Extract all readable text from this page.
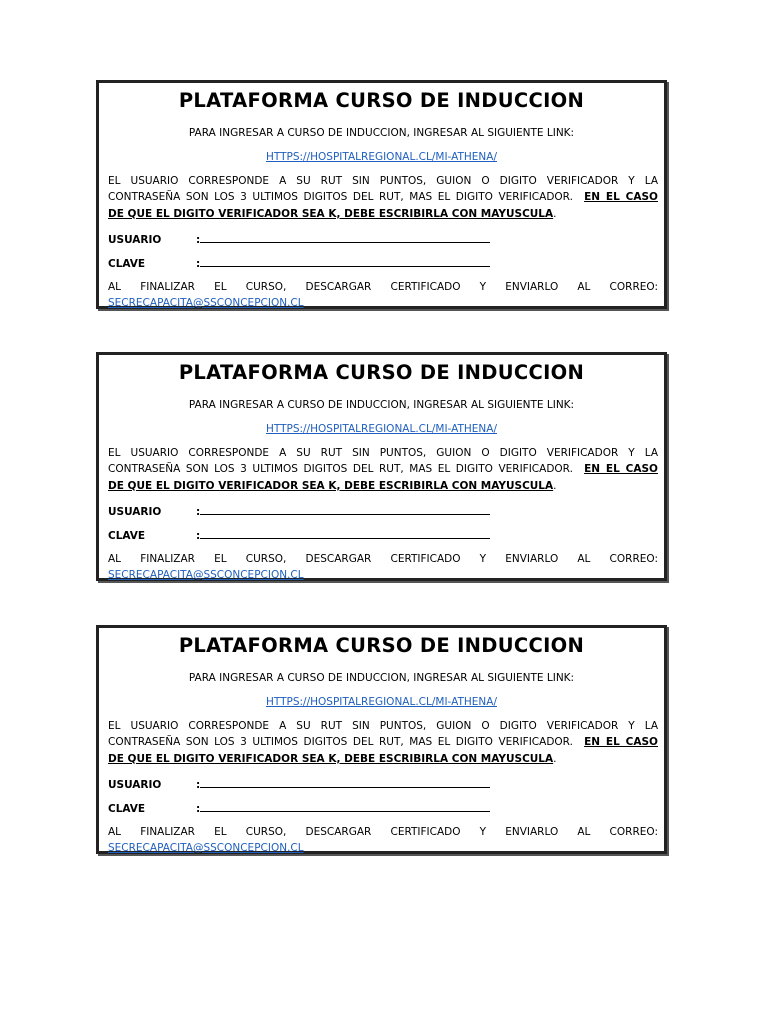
PLATAFORMA CURSO DE INDUCCION
PARA INGRESAR A CURSO DE INDUCCION, INGRESAR AL SIGUIENTE LINK:
HTTPS://HOSPITALREGIONAL.CL/MI-ATHENA/
EL USUARIO CORRESPONDE A SU RUT SIN PUNTOS, GUION O DIGITO VERIFICADOR Y LA
CONTRASEÑA SON LOS 3 ULTIMOS DIGITOS DEL RUT, MAS EL DIGITO VERIFICADOR. EN EL CASO
DE QUE EL DIGITO VERIFICADOR SEA K, DEBE ESCRIBIRLA CON MAYUSCULA.
USUARIO	:
CLAVE	:
AL FINALIZAR EL CURSO, DESCARGAR CERTIFICADO Y ENVIARLO AL CORREO:
SECRECAPACITA@SSCONCEPCION.CL
PLATAFORMA CURSO DE INDUCCION
PARA INGRESAR A CURSO DE INDUCCION, INGRESAR AL SIGUIENTE LINK:
HTTPS://HOSPITALREGIONAL.CL/MI-ATHENA/
EL USUARIO CORRESPONDE A SU RUT SIN PUNTOS, GUION O DIGITO VERIFICADOR Y LA
CONTRASEÑA SON LOS 3 ULTIMOS DIGITOS DEL RUT, MAS EL DIGITO VERIFICADOR. EN EL CASO
DE QUE EL DIGITO VERIFICADOR SEA K, DEBE ESCRIBIRLA CON MAYUSCULA.
USUARIO	:
CLAVE	:
AL FINALIZAR EL CURSO, DESCARGAR CERTIFICADO Y ENVIARLO AL CORREO:
SECRECAPACITA@SSCONCEPCION.CL
PLATAFORMA CURSO DE INDUCCION
PARA INGRESAR A CURSO DE INDUCCION, INGRESAR AL SIGUIENTE LINK:
HTTPS://HOSPITALREGIONAL.CL/MI-ATHENA/
EL USUARIO CORRESPONDE A SU RUT SIN PUNTOS, GUION O DIGITO VERIFICADOR Y LA
CONTRASEÑA SON LOS 3 ULTIMOS DIGITOS DEL RUT, MAS EL DIGITO VERIFICADOR. EN EL CASO
DE QUE EL DIGITO VERIFICADOR SEA K, DEBE ESCRIBIRLA CON MAYUSCULA.
USUARIO	:
CLAVE	:
AL FINALIZAR EL CURSO, DESCARGAR CERTIFICADO Y ENVIARLO AL CORREO:
SECRECAPACITA@SSCONCEPCION.CL
